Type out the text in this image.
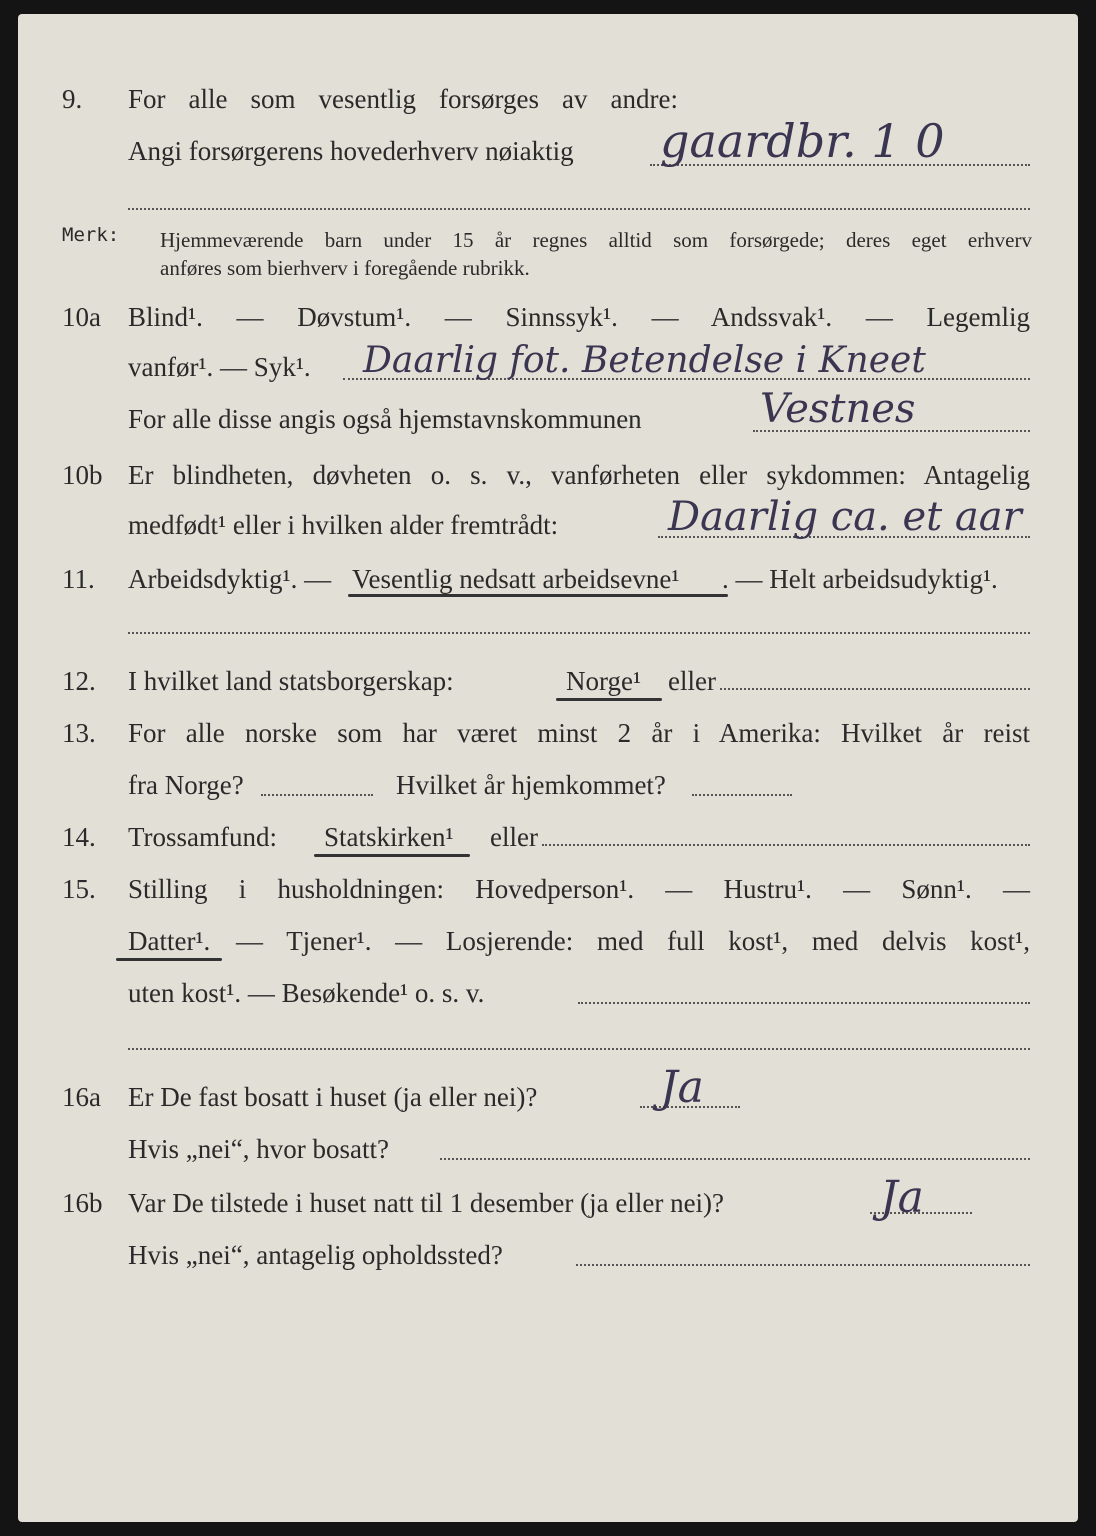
9. For alle som vesentlig forsørges av andre:
Angi forsørgerens hovederhverv nøiaktig gaardbr. 1 0
Merk: Hjemmeværende barn under 15 år regnes alltid som forsørgede; deres eget erhverv
anføres som bierhverv i foregående rubrikk.
10a Blind¹. — Døvstum¹. — Sinnssyk¹. — Andssvak¹. — Legemlig
vanfør¹. — Syk¹. Daarlig fot. Betendelse i Kneet
For alle disse angis også hjemstavnskommunen	Vestnes
10b Er blindheten, døvheten o. s. v., vanførheten eller sykdommen: Antagelig
medfødt¹ eller i hvilken alder fremtrådt:	Daarlig ca. et aar
11. Arbeidsdyktig¹. — Vesentlig nedsatt arbeidsevne¹ . — Helt arbeidsudyktig¹.
12. I hvilket land statsborgerskap:	Norge¹ eller
13. For alle norske som har været minst 2 år i Amerika: Hvilket år reist
fra Norge?	Hvilket år hjemkommet?
14. Trossamfund: Statskirken¹ eller
15. Stilling i husholdningen: Hovedperson¹. — Hustru¹. — Sønn¹. —
Datter¹. — Tjener¹. — Losjerende: med full kost¹, med delvis kost¹,
uten kost¹. — Besøkende¹ o. s. v.
16a Er De fast bosatt i huset (ja eller nei)?	Ja
Hvis „nei“, hvor bosatt?
16b Var De tilstede i huset natt til 1 desember (ja eller nei)?	Ja
Hvis „nei“, antagelig opholdssted?
